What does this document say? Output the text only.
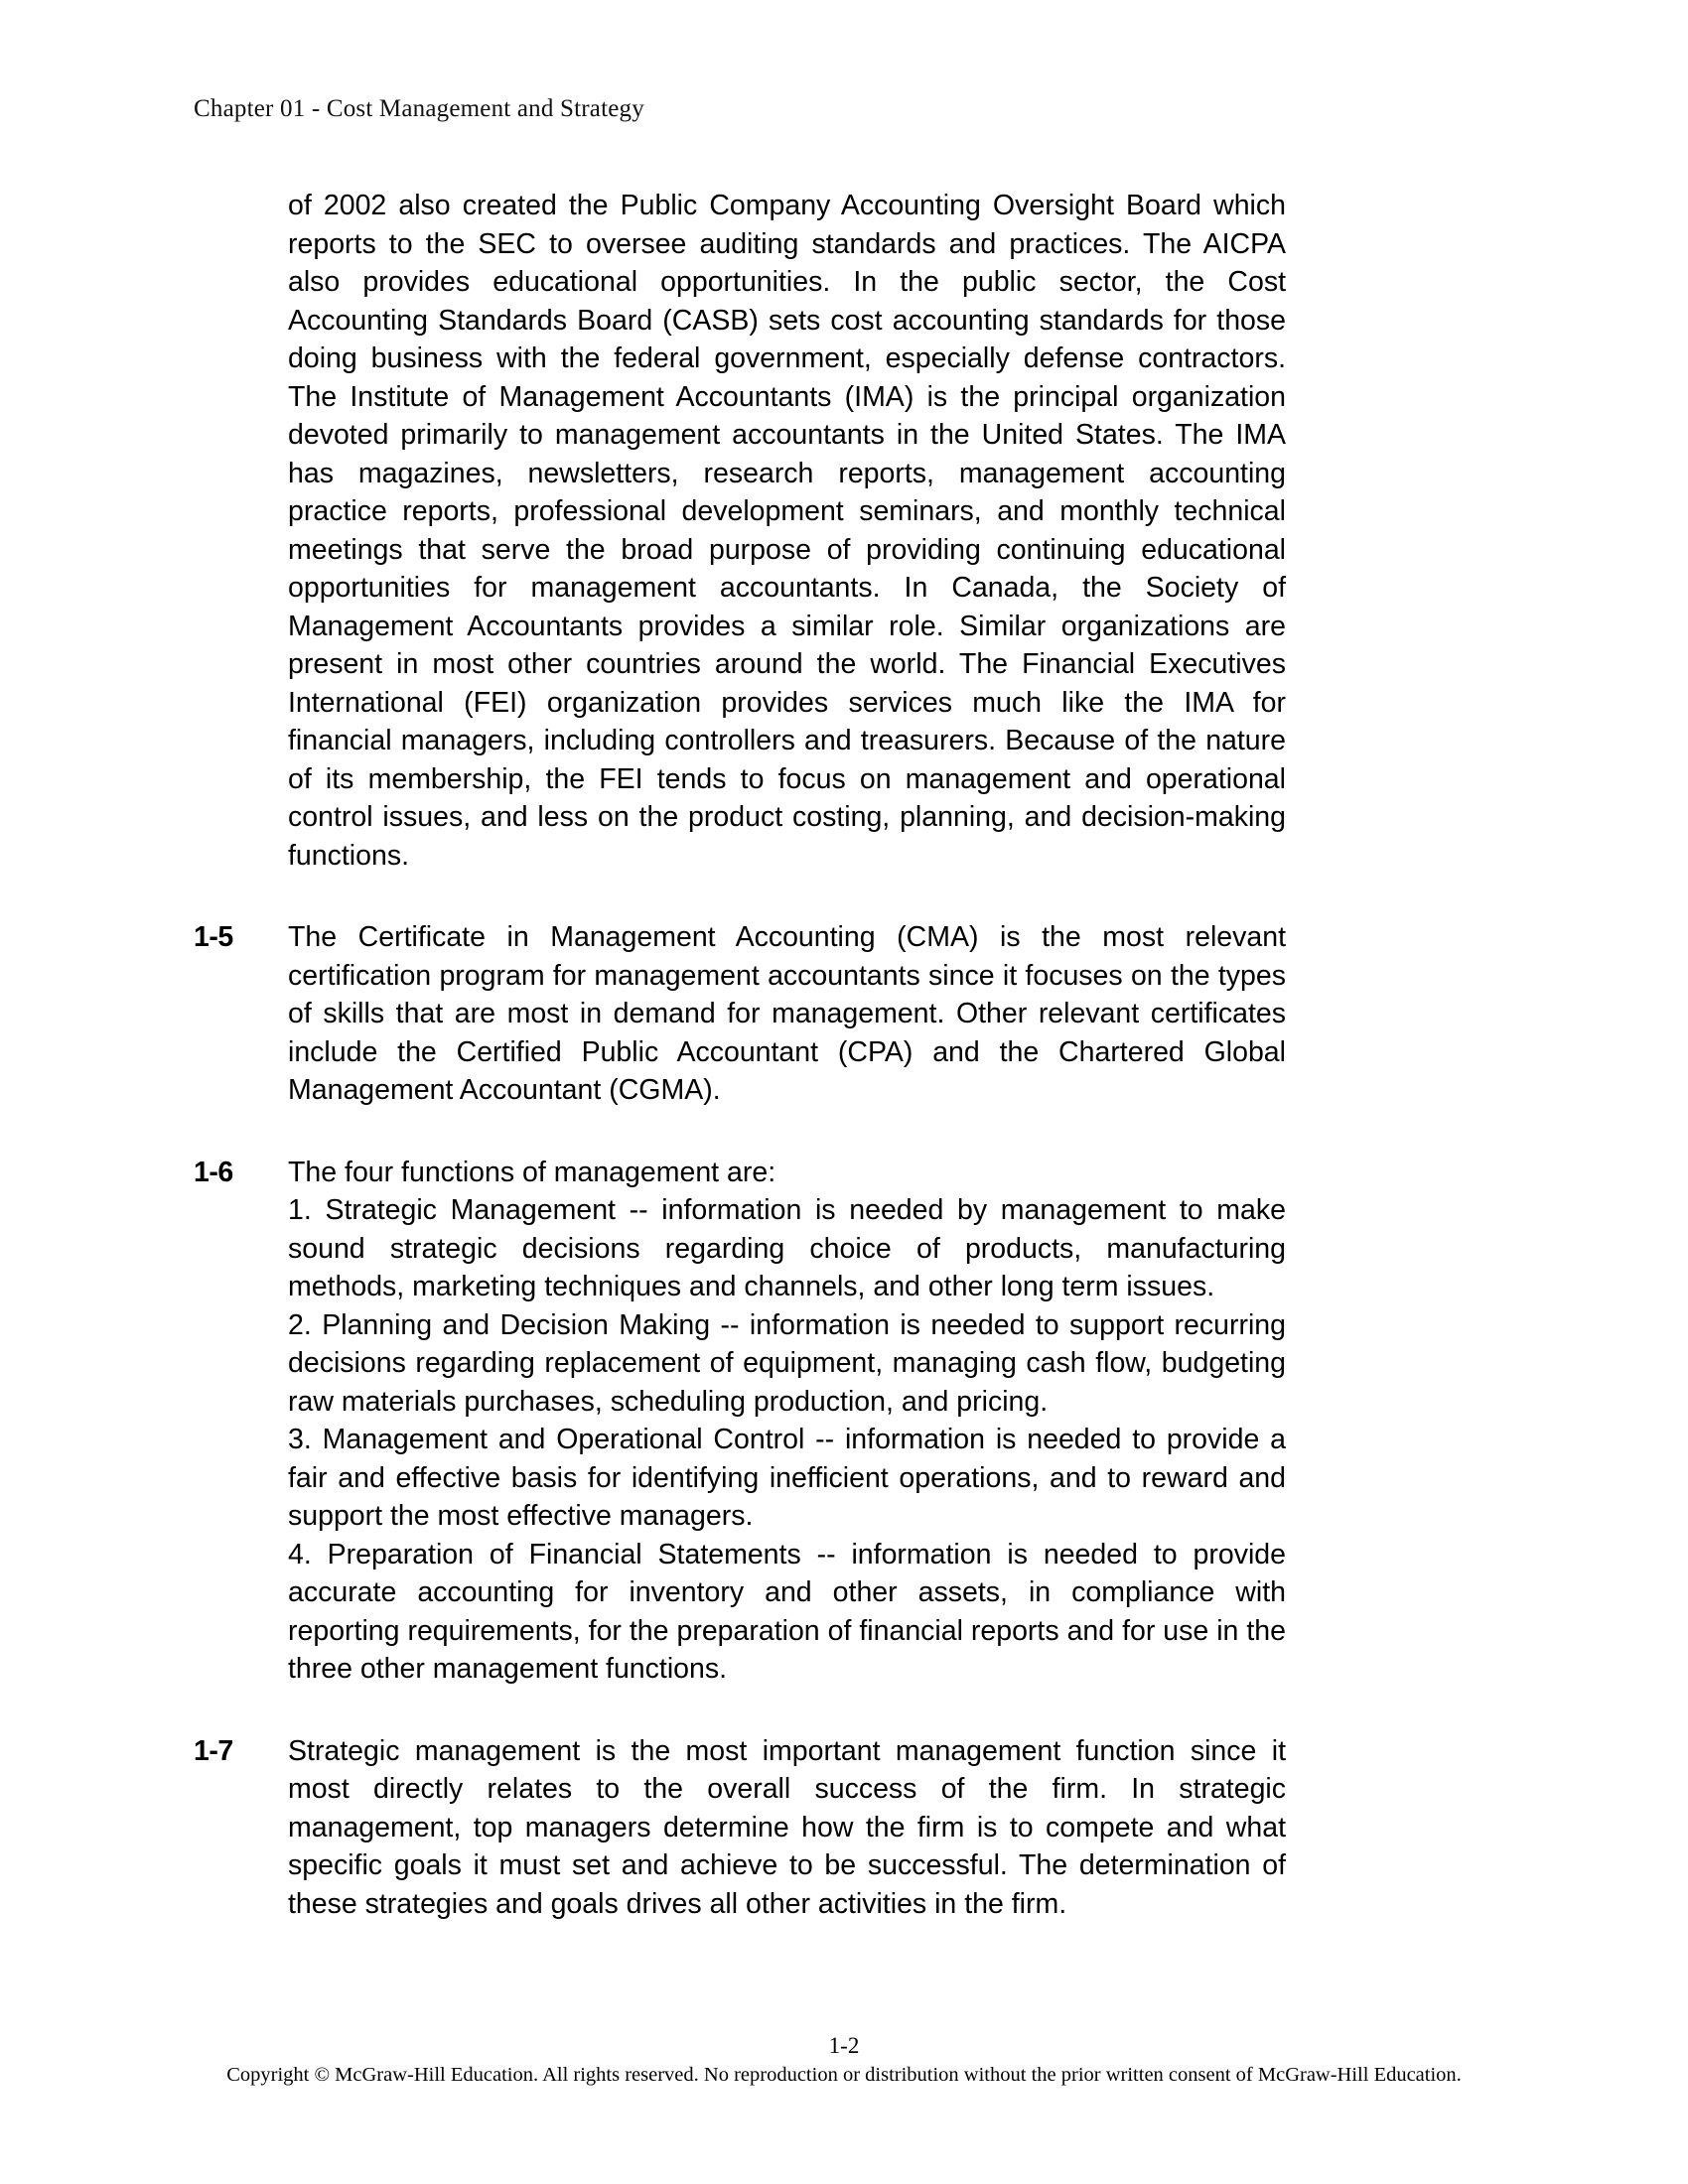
Chapter 01 - Cost Management and Strategy
of 2002 also created the Public Company Accounting Oversight Board which reports to the SEC to oversee auditing standards and practices. The AICPA also provides educational opportunities. In the public sector, the Cost Accounting Standards Board (CASB) sets cost accounting standards for those doing business with the federal government, especially defense contractors. The Institute of Management Accountants (IMA) is the principal organization devoted primarily to management accountants in the United States. The IMA has magazines, newsletters, research reports, management accounting practice reports, professional development seminars, and monthly technical meetings that serve the broad purpose of providing continuing educational opportunities for management accountants. In Canada, the Society of Management Accountants provides a similar role. Similar organizations are present in most other countries around the world. The Financial Executives International (FEI) organization provides services much like the IMA for financial managers, including controllers and treasurers. Because of the nature of its membership, the FEI tends to focus on management and operational control issues, and less on the product costing, planning, and decision-making functions.
1-5 The Certificate in Management Accounting (CMA) is the most relevant certification program for management accountants since it focuses on the types of skills that are most in demand for management. Other relevant certificates include the Certified Public Accountant (CPA) and the Chartered Global Management Accountant (CGMA).
1-6 The four functions of management are:
1. Strategic Management -- information is needed by management to make sound strategic decisions regarding choice of products, manufacturing methods, marketing techniques and channels, and other long term issues.
2. Planning and Decision Making -- information is needed to support recurring decisions regarding replacement of equipment, managing cash flow, budgeting raw materials purchases, scheduling production, and pricing.
3. Management and Operational Control -- information is needed to provide a fair and effective basis for identifying inefficient operations, and to reward and support the most effective managers.
4. Preparation of Financial Statements -- information is needed to provide accurate accounting for inventory and other assets, in compliance with reporting requirements, for the preparation of financial reports and for use in the three other management functions.
1-7 Strategic management is the most important management function since it most directly relates to the overall success of the firm. In strategic management, top managers determine how the firm is to compete and what specific goals it must set and achieve to be successful. The determination of these strategies and goals drives all other activities in the firm.
1-2
Copyright © McGraw-Hill Education. All rights reserved. No reproduction or distribution without the prior written consent of McGraw-Hill Education.
